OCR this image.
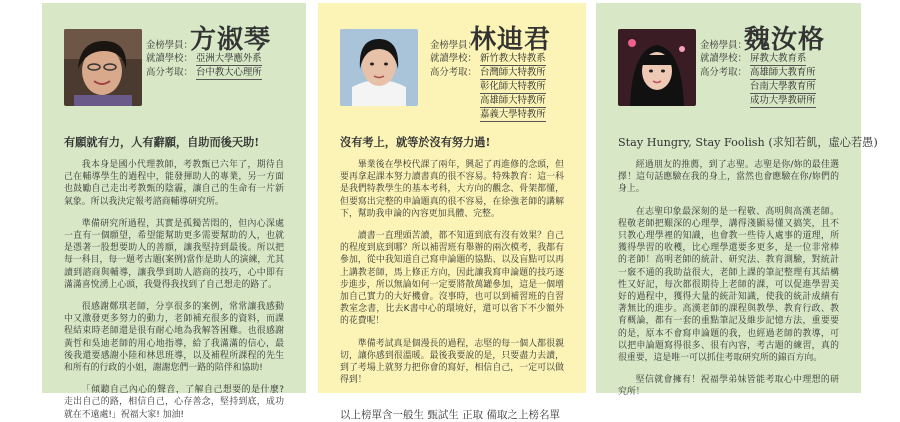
方淑琴
金榜學員：
就讀學校： 亞洲大學應外系
高分考取： 台中教大心理所
有願就有力，人有辭願，自助而後天助!

我本身是國小代理教師，考教甄已六年了，期待自己在輔導學生的過程中，能發揮助人的專業，另一方面也鼓勵自己走出考教甄的陰霾，讓自己的生命有一片新氣象。所以我決定報考諮商輔導研究所。

準備研究所過程，其實是孤獨苦悶的，但內心深處一直有一個願望，希望能幫助更多需要幫助的人，也就是憑著一股想要助人的善願，讓我堅持到最後。所以把每一科目，每一題考古題(案例)當作是助人的演練，尤其讀到諮商與輔導，讓我學到助人諮商的技巧，心中即有滿滿喜悅湧上心頭，我覺得我找到了自己想走的路了。

很感謝鄭琪老師，分享很多的案例，常常讓我感動中又激發更多努力的動力，老師補充很多的資料，而課程結束時老師還是很有耐心地為我解答困難。也很感謝黃哲和吳迪老師的用心地指導，給了我滿滿的信心，最後我還要感謝小陸和林思班導，以及補程所課程的先生和所有的行政的小姐，謝謝您們一路的陪伴和協助!

「傾聽自己內心的聲音，了解自己想要的是什麼? 走出自己的路，相信自己，心存善念，堅持到底，成功就在不遠處!」祝福大家! 加油!

林迪君
金榜學員：
就讀學校： 新竹教大特教系
高分考取： 台灣師大特教所
彰化師大特教所
高雄師大特教所
嘉義大學特教所
沒有考上，就等於沒有努力過!

畢業後在學校代課了兩年，興起了再進修的念頭，但要再拿起課本努力讀書真的很不容易。特殊教育：這一科是我們特教學生的基本考科，大方向的觀念、骨架都懂，但要寫出完整的申論題真的很不容易，在徐強老師的講解下，幫助我申論的內容更加具體、完整。

讀書一直理頭苦讀，都不知道到底有沒有效果？自己的程度到底到哪？所以補習班有舉辦的兩次模考，我都有參加，從中我知道自己寫申論題的協點、以及盲點可以再上講教老師，馬上修正方向，因此讓我寫申論題的技巧逐步進步，所以無論如何一定要將散萬罐參加，這是一個增加自己實力的大好機會。沒事時，也可以到補習班的自習教室念書，比去K書中心的環境好，還可以省下不少額外的花費呢！

準備考試真是個漫長的過程，志堅的每一個人都很親切，讓你感到很溫暖。最後我要說的是，只要盡力去讀，到了考場上就努力把你會的寫好，相信自己，一定可以做得到！

魏汝格
金榜學員：
就讀學校： 屏教大教育系
高分考取： 高雄師大教育所
台南大學教育所
成功大學教研所
Stay Hungry, Stay Foolish (求知若飢，虛心若愚)

經過朋友的推薦，到了志聖。志聖是你/妳的最佳選擇！這句話應驗在我的身上，當然也會應驗在你/妳們的身上。

在志聖印象最深刻的是一程敬、高明與高漢老師。程敬老師把艱深的心理學，講得淺顯易懂又搞笑，且不只教心理學裡的知識，也會教一些待人處事的道理，所獲得學習的收穫，比心理學還要多更多，是一位非常棒的老師！高明老師的統計、研究法、教育測驗，對統計一竅不通的我助益很大，老師上課的筆記整理有其結構性又好記，每次都很期待上老師的課，可以促進學習美好的過程中，獲得大量的統計知識，使我的統計成績有著無比的進步。高漢老師的課程與教學、教育行政、教育概論，都有一套的重點筆記及維步記憶方法，重要要的是，原本不會寫申論題的我，也經過老師的教導，可以把申論題寫得很多、很有內容，考古題的練習，真的很重要，這是唯一可以抓住考取研究所的錦百方向。

堅信就會擁有！祝福學弟妹皆能考取心中理想的研究所！

以上榜單含一般生 甄試生 正取 備取之上榜名單
